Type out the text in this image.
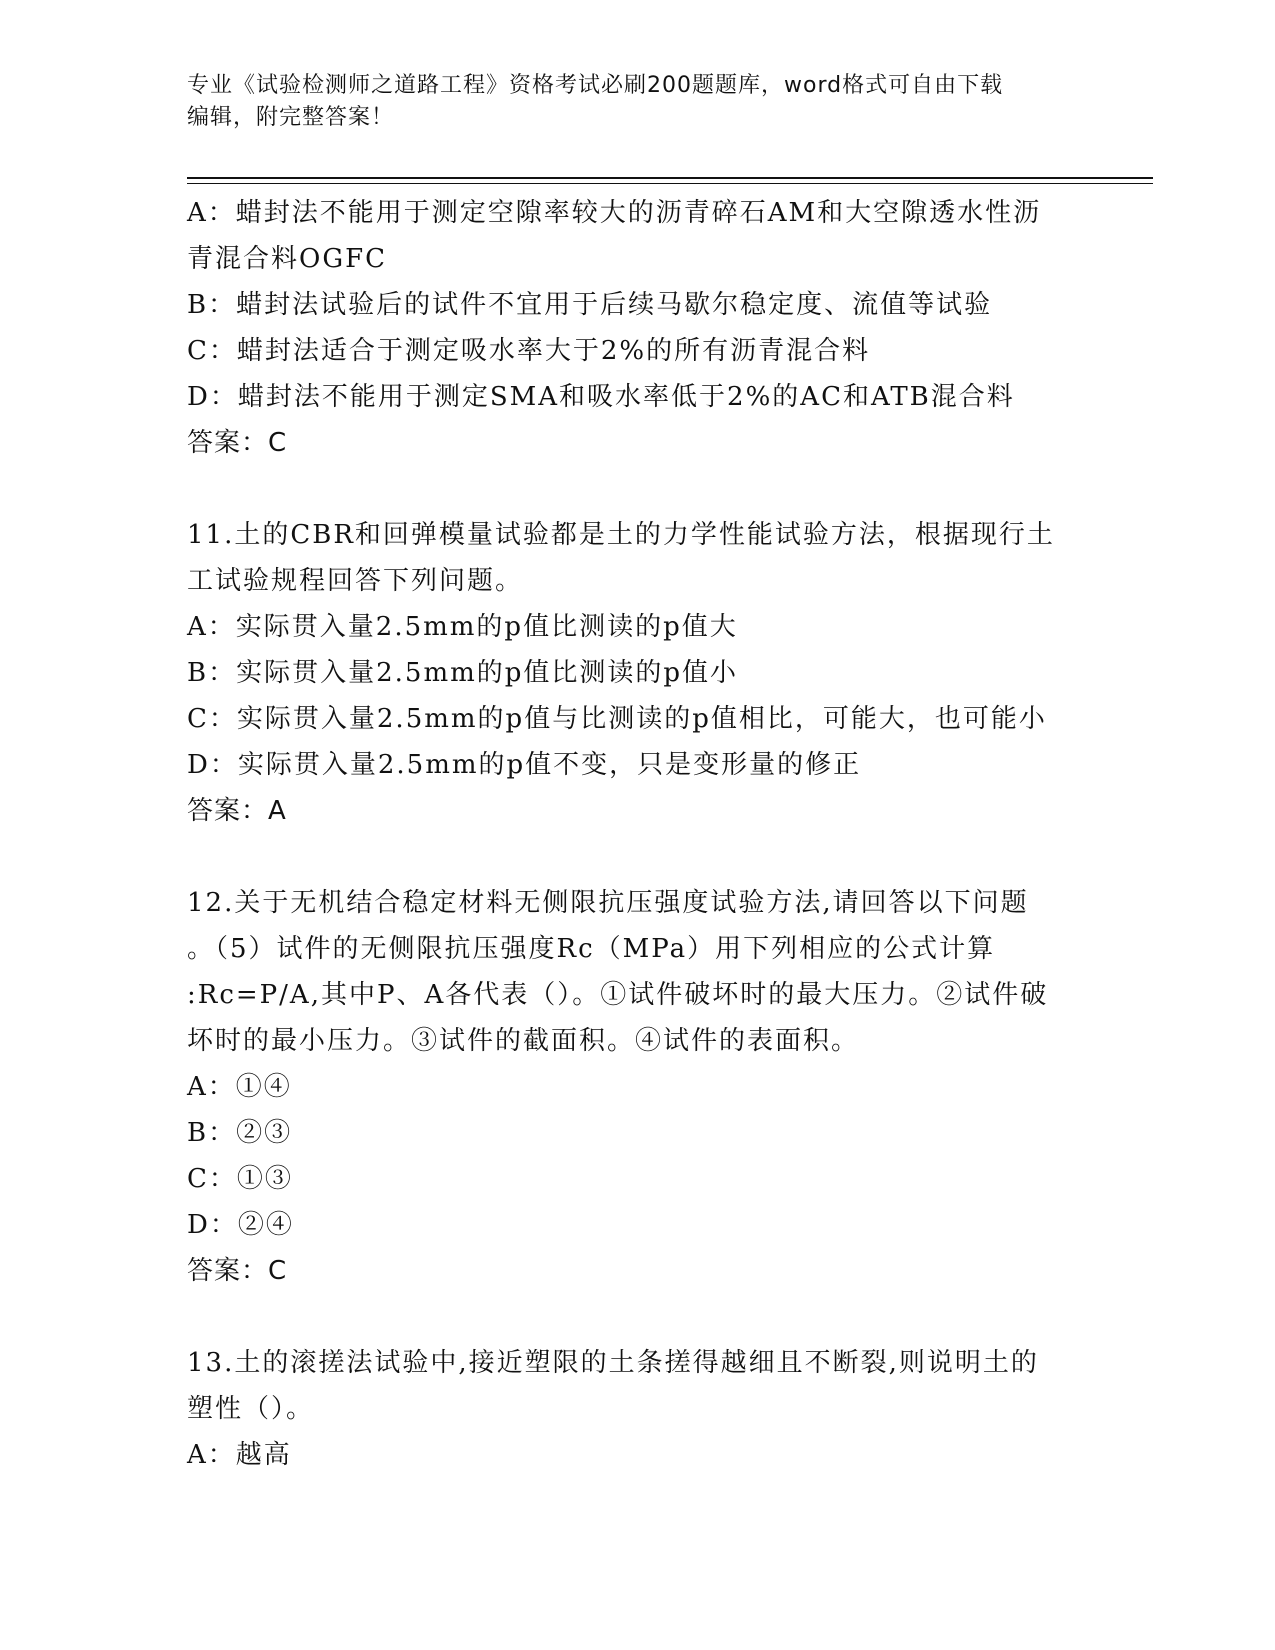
专业《试验检测师之道路工程》资格考试必刷200题题库，word格式可自由下载
编辑，附完整答案！
A：蜡封法不能用于测定空隙率较大的沥青碎石AM和大空隙透水性沥
青混合料OGFC
B：蜡封法试验后的试件不宜用于后续马歇尔稳定度、流值等试验
C：蜡封法适合于测定吸水率大于2%的所有沥青混合料
D：蜡封法不能用于测定SMA和吸水率低于2%的AC和ATB混合料
答案：C
11.土的CBR和回弹模量试验都是土的力学性能试验方法，根据现行土
工试验规程回答下列问题。
A：实际贯入量2.5mm的p值比测读的p值大
B：实际贯入量2.5mm的p值比测读的p值小
C：实际贯入量2.5mm的p值与比测读的p值相比，可能大，也可能小
D：实际贯入量2.5mm的p值不变，只是变形量的修正
答案：A
12.关于无机结合稳定材料无侧限抗压强度试验方法,请回答以下问题
。（5）试件的无侧限抗压强度Rc（MPa）用下列相应的公式计算
:Rc=P/A,其中P、A各代表（）。①试件破坏时的最大压力。②试件破
坏时的最小压力。③试件的截面积。④试件的表面积。
A：①④
B：②③
C：①③
D：②④
答案：C
13.土的滚搓法试验中,接近塑限的土条搓得越细且不断裂,则说明土的
塑性（）。
A：越高
